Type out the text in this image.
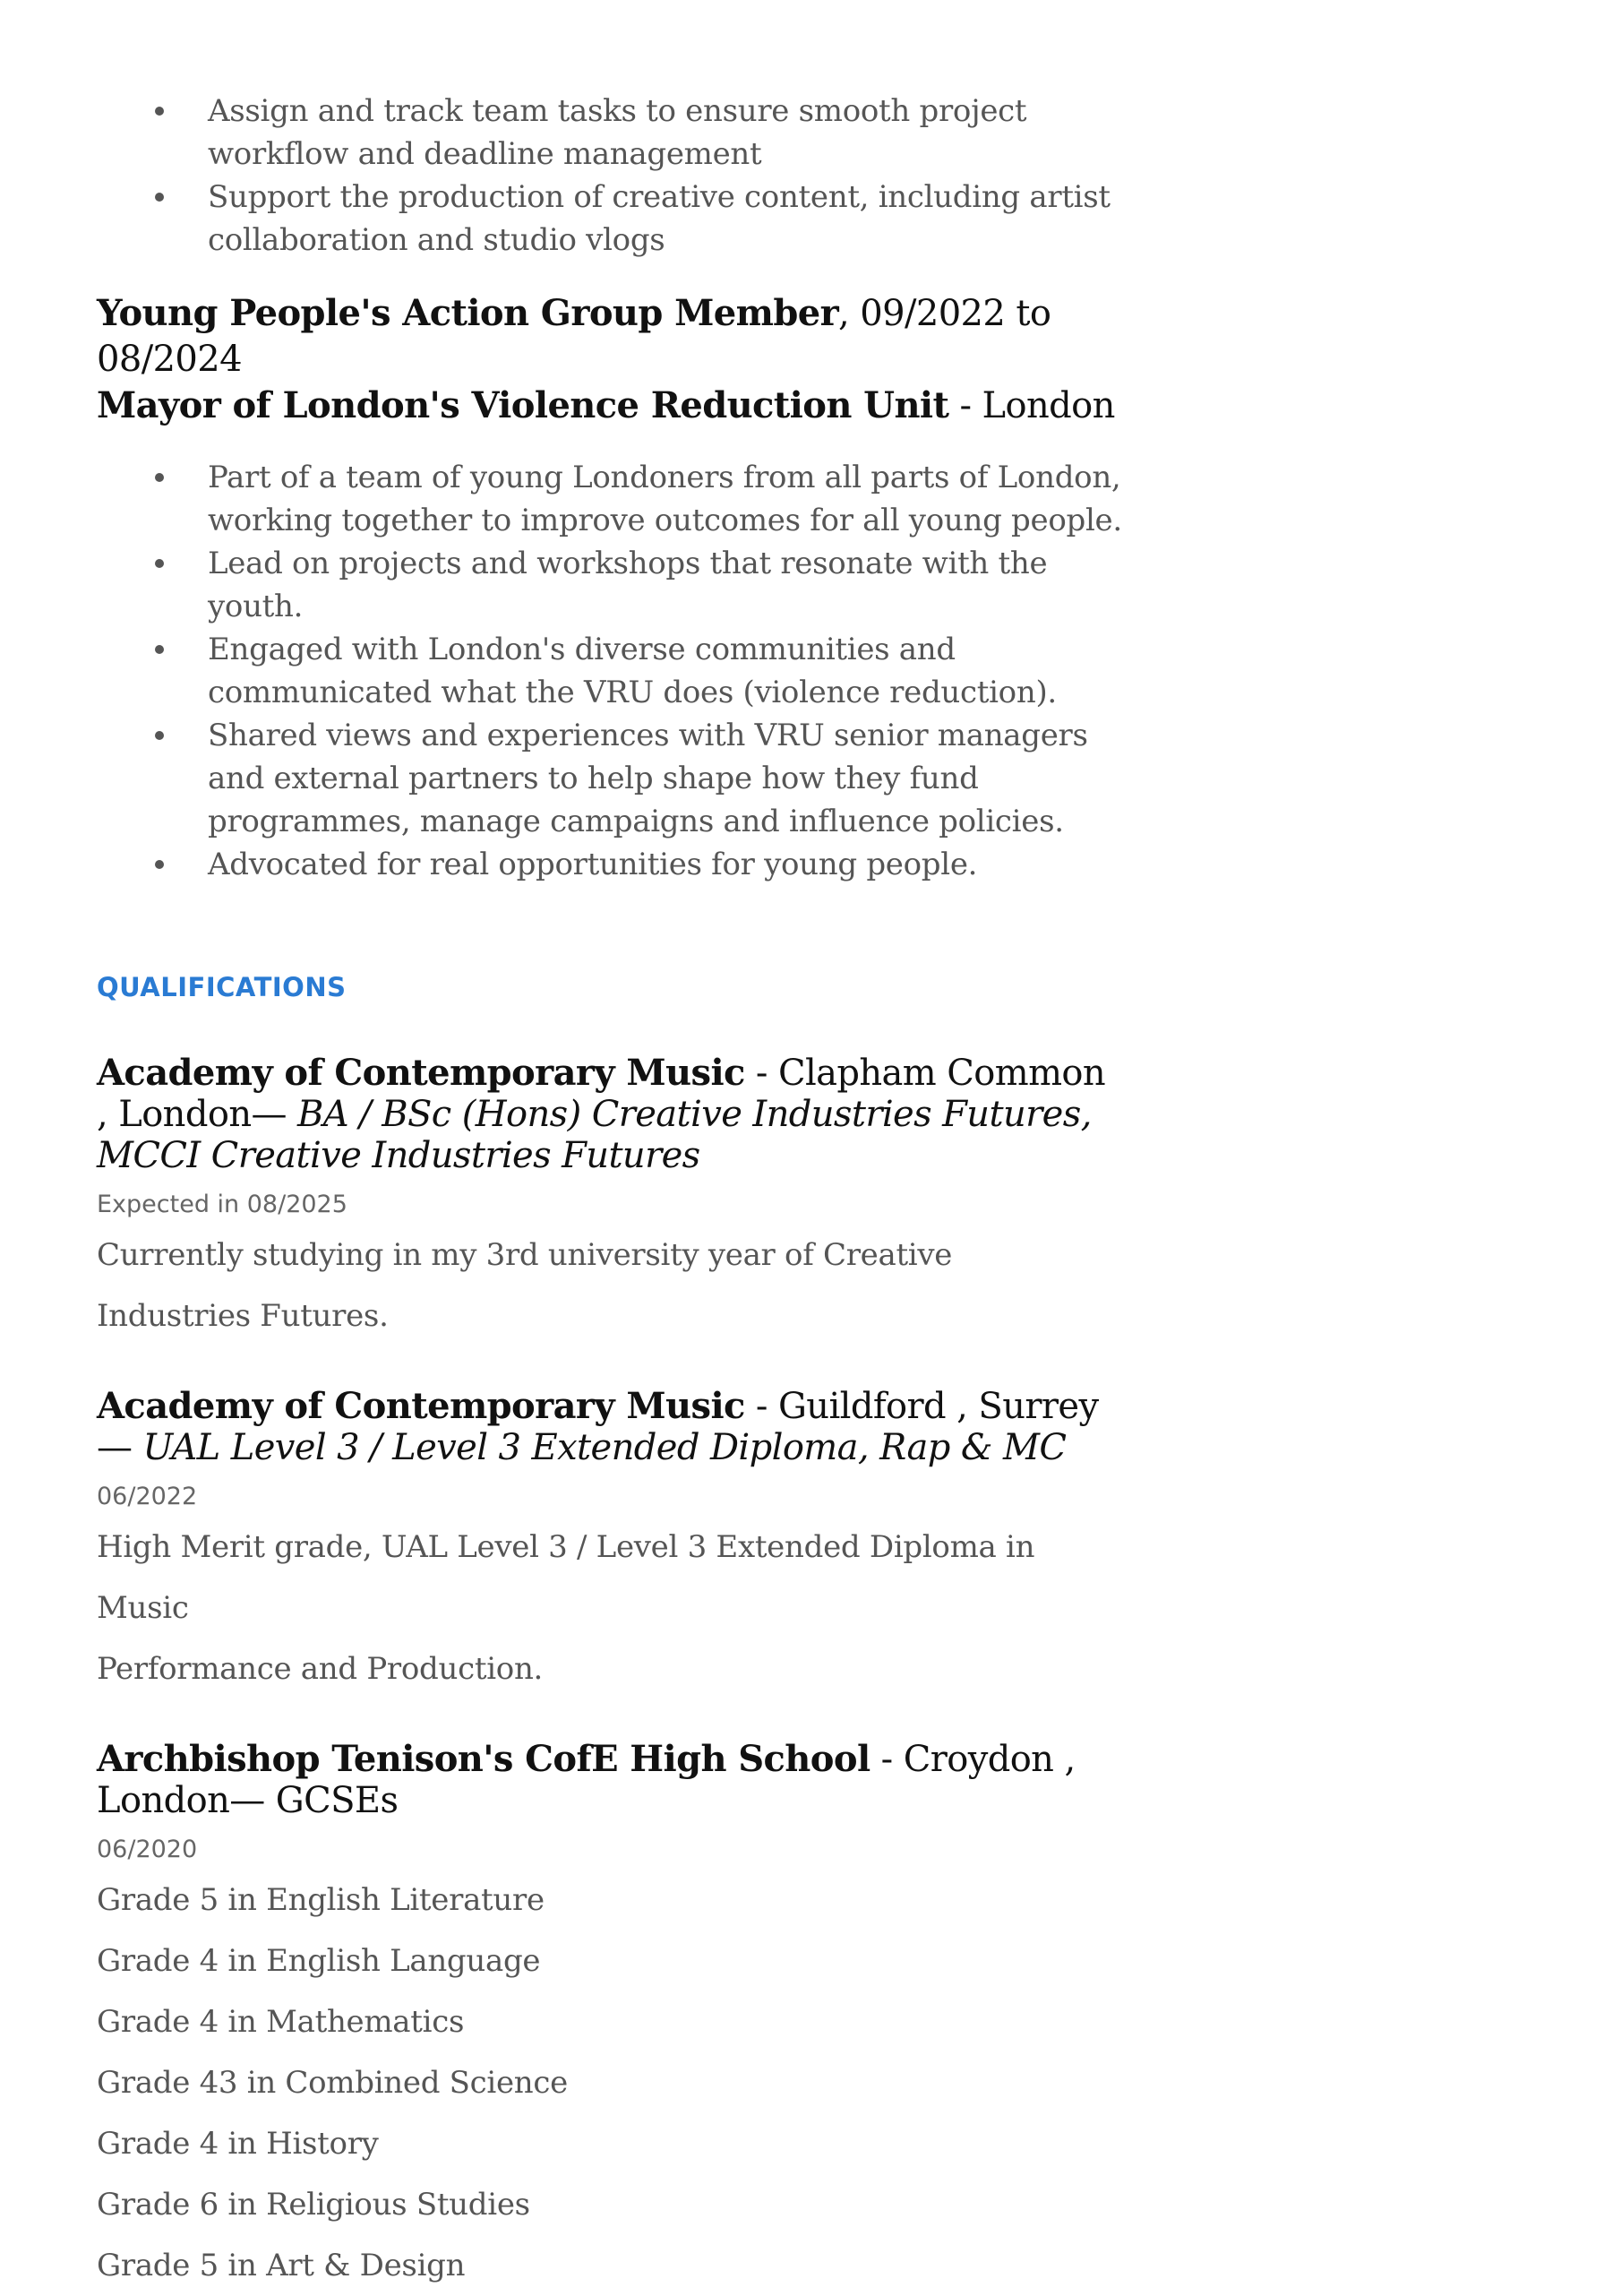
Assign and track team tasks to ensure smooth project workflow and deadline management
Support the production of creative content, including artist collaboration and studio vlogs
Young People's Action Group Member, 09/2022 to 08/2024
Mayor of London's Violence Reduction Unit - London
Part of a team of young Londoners from all parts of London, working together to improve outcomes for all young people.
Lead on projects and workshops that resonate with the youth.
Engaged with London's diverse communities and communicated what the VRU does (violence reduction).
Shared views and experiences with VRU senior managers and external partners to help shape how they fund programmes, manage campaigns and influence policies.
Advocated for real opportunities for young people.
QUALIFICATIONS
Academy of Contemporary Music - Clapham Common , London— BA / BSc (Hons) Creative Industries Futures, MCCI Creative Industries Futures
Expected in 08/2025
Currently studying in my 3rd university year of Creative
Industries Futures.
Academy of Contemporary Music - Guildford , Surrey— UAL Level 3 / Level 3 Extended Diploma, Rap & MC
06/2022
High Merit grade, UAL Level 3 / Level 3 Extended Diploma in Music
Performance and Production.
Archbishop Tenison's CofE High School - Croydon , London— GCSEs
06/2020
Grade 5 in English Literature
Grade 4 in English Language
Grade 4 in Mathematics
Grade 43 in Combined Science
Grade 4 in History
Grade 6 in Religious Studies
Grade 5 in Art & Design
